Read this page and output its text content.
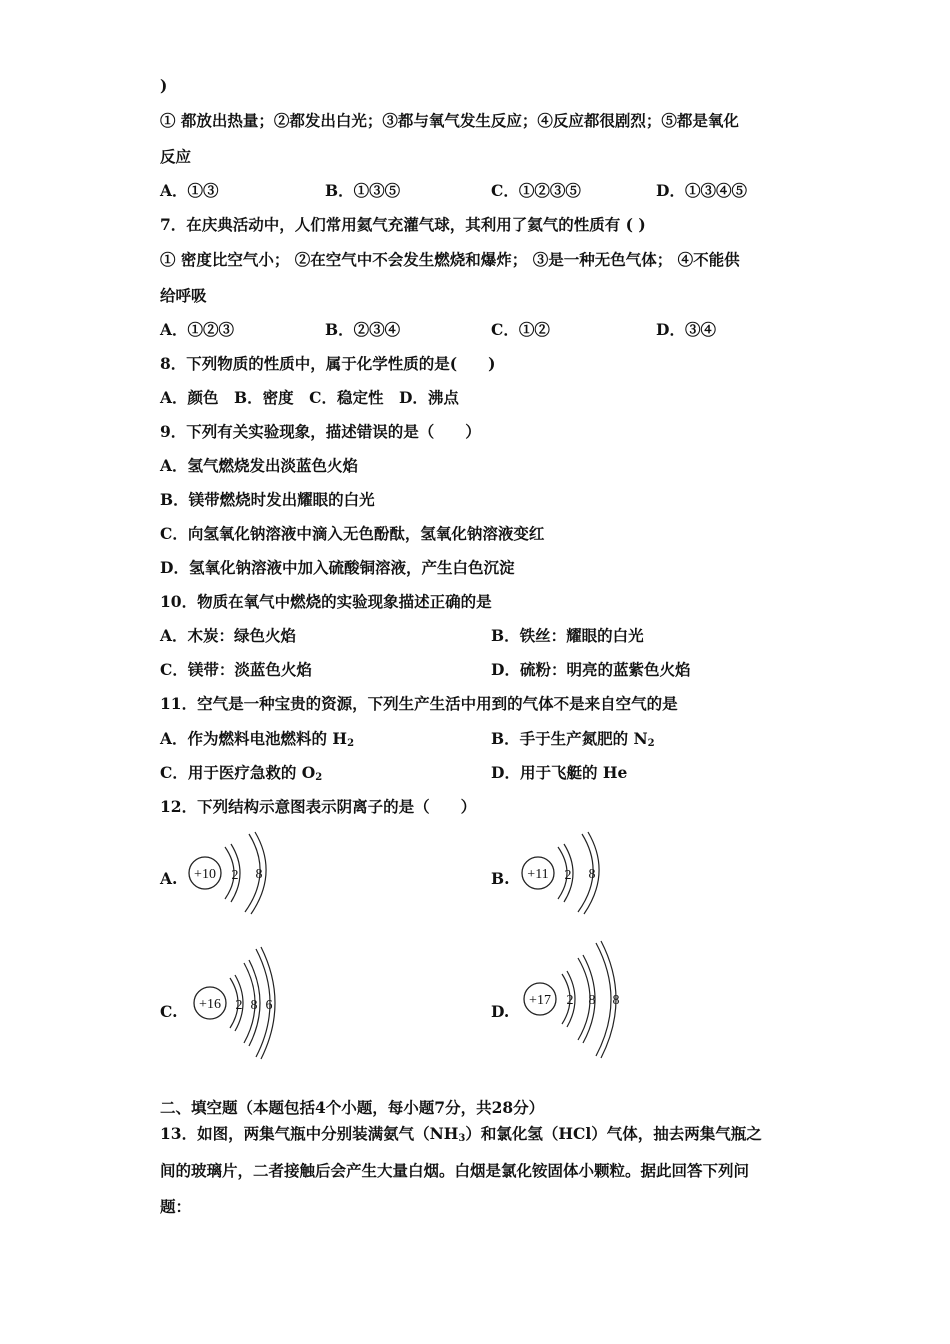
)
① 都放出热量；②都发出白光；③都与氧气发生反应；④反应都很剧烈；⑤都是氧化
反应
A．①③	B．①③⑤	C．①②③⑤	D．①③④⑤
7．在庆典活动中，人们常用氦气充灌气球，其利用了氦气的性质有 ( )
① 密度比空气小； ②在空气中不会发生燃烧和爆炸； ③是一种无色气体； ④不能供
给呼吸
A．①②③	B．②③④	C．①②	D．③④
8．下列物质的性质中，属于化学性质的是(　　)
A．颜色　B．密度　C．稳定性　D．沸点
9．下列有关实验现象，描述错误的是（　　）
A．氢气燃烧发出淡蓝色火焰
B．镁带燃烧时发出耀眼的白光
C．向氢氧化钠溶液中滴入无色酚酞，氢氧化钠溶液变红
D．氢氧化钠溶液中加入硫酸铜溶液，产生白色沉淀
10．物质在氧气中燃烧的实验现象描述正确的是
A．木炭：绿色火焰	B．铁丝：耀眼的白光
C．镁带：淡蓝色火焰	D．硫粉：明亮的蓝紫色火焰
11．空气是一种宝贵的资源，下列生产生活中用到的气体不是来自空气的是
A．作为燃料电池燃料的 $H_2$	B．手于生产氮肥的 $N_2$
C．用于医疗急救的 $O_2$	D．用于飞艇的 He
12．下列结构示意图表示阴离子的是（　　）
A. +10 2 8	B. +11 2 8
C. +16 2 8 6	D.
+17 2 8 8
二、填空题（本题包括4个小题，每小题7分，共28分）
13．如图，两集气瓶中分别装满氨气$(NH_3)$和氯化氢（HCl）气体，抽去两集气瓶之
间的玻璃片，二者接触后会产生大量白烟。白烟是氯化铵固体小颗粒。据此回答下列问
题：
